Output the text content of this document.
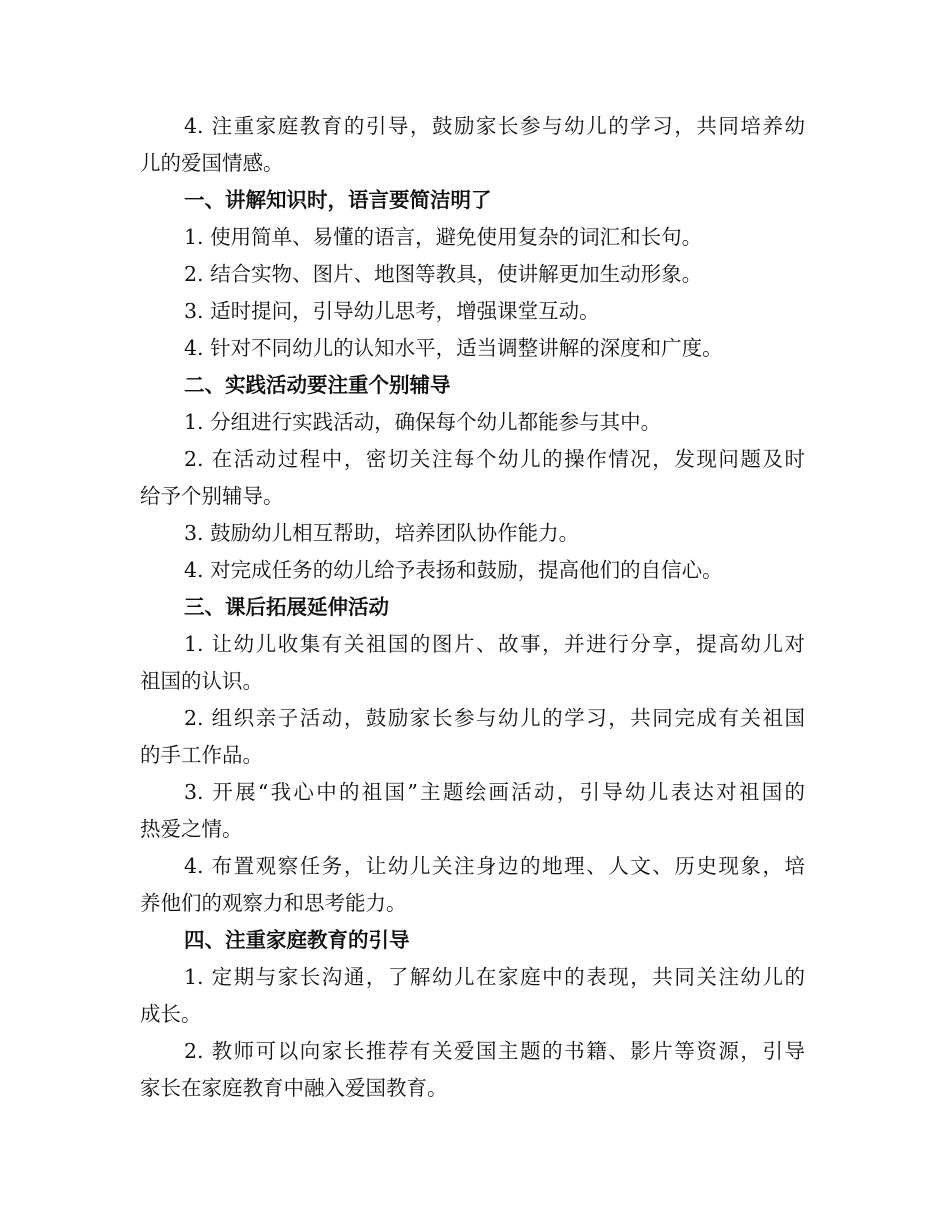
4. 注重家庭教育的引导，鼓励家长参与幼儿的学习，共同培养幼
儿的爱国情感。
一、讲解知识时，语言要简洁明了
1. 使用简单、易懂的语言，避免使用复杂的词汇和长句。
2. 结合实物、图片、地图等教具，使讲解更加生动形象。
3. 适时提问，引导幼儿思考，增强课堂互动。
4. 针对不同幼儿的认知水平，适当调整讲解的深度和广度。
二、实践活动要注重个别辅导
1. 分组进行实践活动，确保每个幼儿都能参与其中。
2. 在活动过程中，密切关注每个幼儿的操作情况，发现问题及时
给予个别辅导。
3. 鼓励幼儿相互帮助，培养团队协作能力。
4. 对完成任务的幼儿给予表扬和鼓励，提高他们的自信心。
三、课后拓展延伸活动
1. 让幼儿收集有关祖国的图片、故事，并进行分享，提高幼儿对
祖国的认识。
2. 组织亲子活动，鼓励家长参与幼儿的学习，共同完成有关祖国
的手工作品。
3. 开展“我心中的祖国”主题绘画活动，引导幼儿表达对祖国的
热爱之情。
4. 布置观察任务，让幼儿关注身边的地理、人文、历史现象，培
养他们的观察力和思考能力。
四、注重家庭教育的引导
1. 定期与家长沟通，了解幼儿在家庭中的表现，共同关注幼儿的
成长。
2. 教师可以向家长推荐有关爱国主题的书籍、影片等资源，引导
家长在家庭教育中融入爱国教育。
